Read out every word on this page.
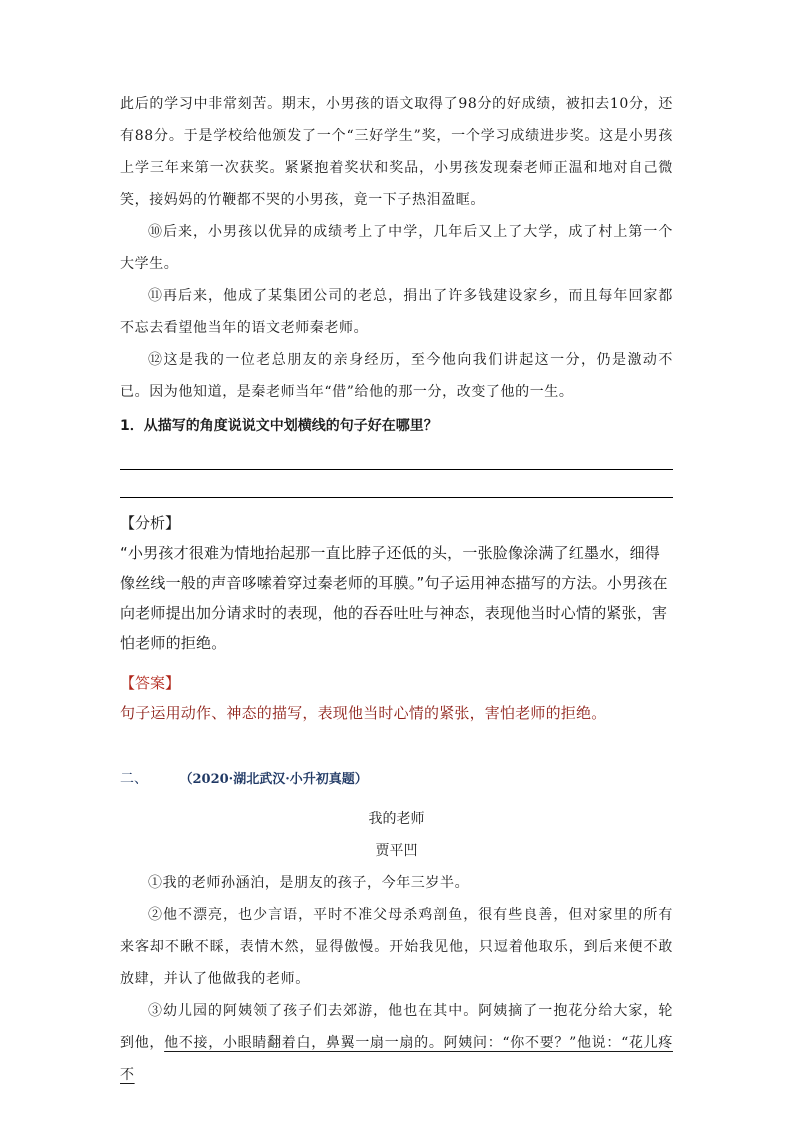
此后的学习中非常刻苦。期末，小男孩的语文取得了98分的好成绩，被扣去10分，还有88分。于是学校给他颁发了一个“三好学生”奖，一个学习成绩进步奖。这是小男孩上学三年来第一次获奖。紧紧抱着奖状和奖品，小男孩发现秦老师正温和地对自己微笑，接妈妈的竹鞭都不哭的小男孩，竟一下子热泪盈眶。

⑩后来，小男孩以优异的成绩考上了中学，几年后又上了大学，成了村上第一个大学生。

⑪再后来，他成了某集团公司的老总，捐出了许多钱建设家乡，而且每年回家都不忘去看望他当年的语文老师秦老师。

⑫这是我的一位老总朋友的亲身经历，至今他向我们讲起这一分，仍是激动不已。因为他知道，是秦老师当年“借”给他的那一分，改变了他的一生。

1．从描写的角度说说文中划横线的句子好在哪里？

【分析】

“小男孩才很难为情地抬起那一直比脖子还低的头，一张脸像涂满了红墨水，细得像丝线一般的声音哆嗦着穿过秦老师的耳膜。”句子运用神态描写的方法。小男孩在向老师提出加分请求时的表现，他的吞吞吐吐与神态，表现他当时心情的紧张，害怕老师的拒绝。

【答案】

句子运用动作、神态的描写，表现他当时心情的紧张，害怕老师的拒绝。

二、	（2020·湖北武汉·小升初真题）

我的老师

贾平凹

①我的老师孙涵泊，是朋友的孩子，今年三岁半。

②他不漂亮，也少言语，平时不准父母杀鸡剖鱼，很有些良善，但对家里的所有来客却不瞅不睬，表情木然，显得傲慢。开始我见他，只逗着他取乐，到后来便不敢放肆，并认了他做我的老师。

③幼儿园的阿姨领了孩子们去郊游，他也在其中。阿姨摘了一抱花分给大家，轮到他，他不接，小眼睛翻着白，鼻翼一扇一扇的。阿姨问：“你不要？”他说：“花儿疼不
